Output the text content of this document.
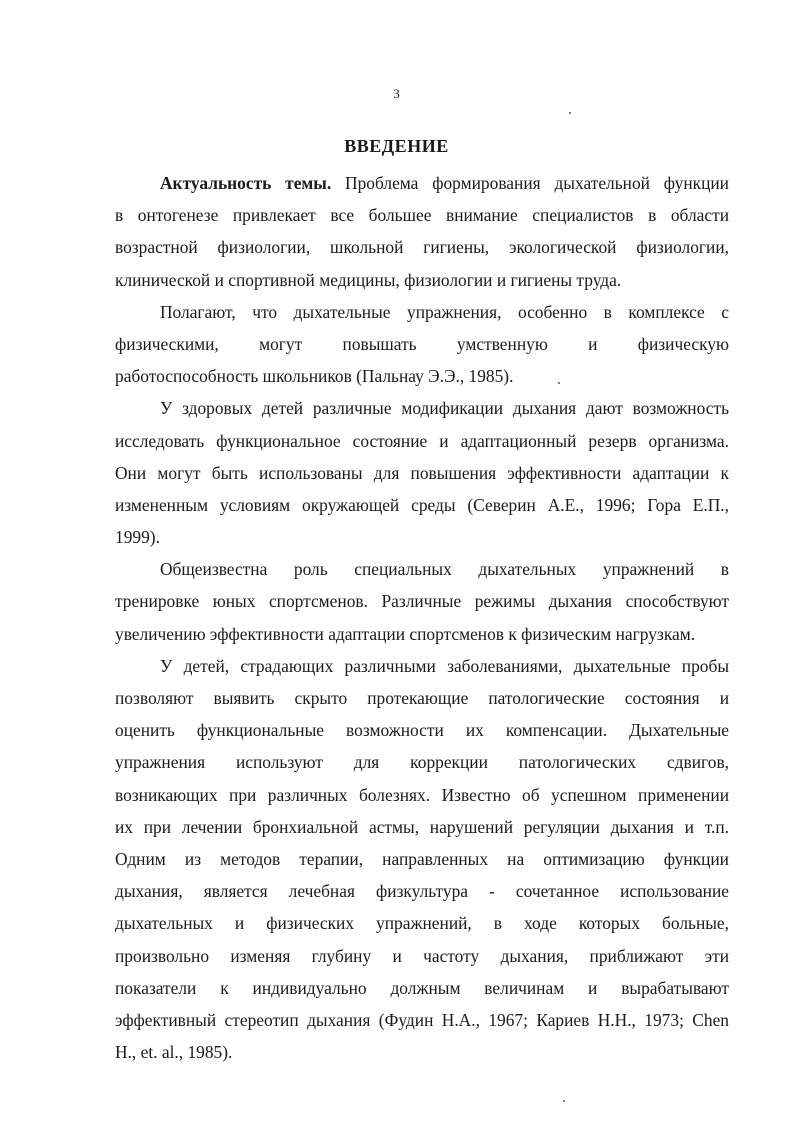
3
ВВЕДЕНИЕ
Актуальность темы. Проблема формирования дыхательной функции
в онтогенезе привлекает все большее внимание специалистов в области
возрастной физиологии, школьной гигиены, экологической физиологии,
клинической и спортивной медицины, физиологии и гигиены труда.
Полагают, что дыхательные упражнения, особенно в комплексе с
физическими, могут повышать умственную и физическую
работоспособность школьников (Пальнау Э.Э., 1985).
У здоровых детей различные модификации дыхания дают возможность
исследовать функциональное состояние и адаптационный резерв организма.
Они могут быть использованы для повышения эффективности адаптации к
измененным условиям окружающей среды (Северин А.Е., 1996; Гора Е.П.,
1999).
Общеизвестна роль специальных дыхательных упражнений в
тренировке юных спортсменов. Различные режимы дыхания способствуют
увеличению эффективности адаптации спортсменов к физическим нагрузкам.
У детей, страдающих различными заболеваниями, дыхательные пробы
позволяют выявить скрыто протекающие патологические состояния и
оценить функциональные возможности их компенсации. Дыхательные
упражнения используют для коррекции патологических сдвигов,
возникающих при различных болезнях. Известно об успешном применении
их при лечении бронхиальной астмы, нарушений регуляции дыхания и т.п.
Одним из методов терапии, направленных на оптимизацию функции
дыхания, является лечебная физкультура - сочетанное использование
дыхательных и физических упражнений, в ходе которых больные,
произвольно изменяя глубину и частоту дыхания, приближают эти
показатели к индивидуально должным величинам и вырабатывают
эффективный стереотип дыхания (Фудин Н.А., 1967; Кариев Н.Н., 1973; Chen
Н., et. al., 1985).
